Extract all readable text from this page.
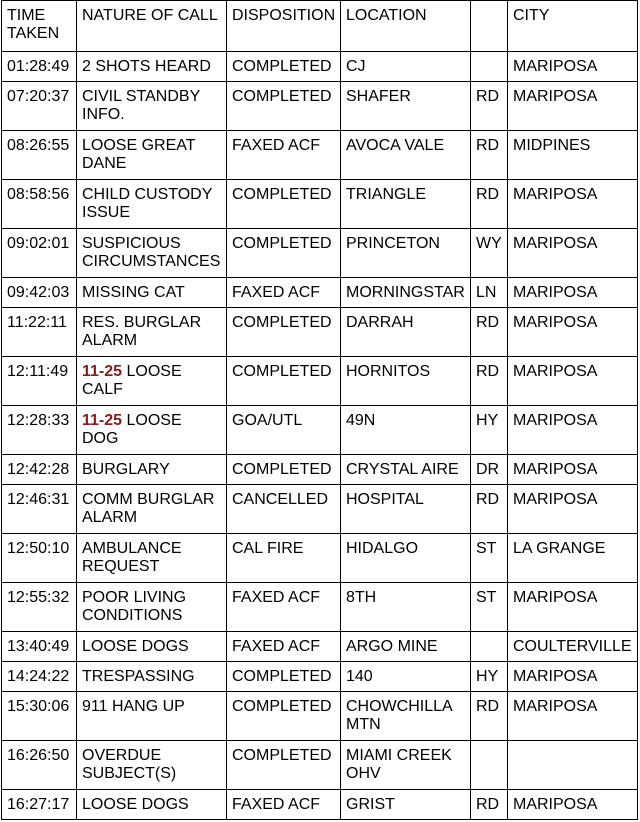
TIME TAKEN	NATURE OF CALL	DISPOSITION	LOCATION		CITY
01:28:49	2 SHOTS HEARD	COMPLETED	CJ		MARIPOSA
07:20:37	CIVIL STANDBY INFO.	COMPLETED	SHAFER	RD	MARIPOSA
08:26:55	LOOSE GREAT DANE	FAXED ACF	AVOCA VALE	RD	MIDPINES
08:58:56	CHILD CUSTODY ISSUE	COMPLETED	TRIANGLE	RD	MARIPOSA
09:02:01	SUSPICIOUS CIRCUMSTANCES	COMPLETED	PRINCETON	WY	MARIPOSA
09:42:03	MISSING CAT	FAXED ACF	MORNINGSTAR	LN	MARIPOSA
11:22:11	RES. BURGLAR ALARM	COMPLETED	DARRAH	RD	MARIPOSA
12:11:49	11-25 LOOSE CALF	COMPLETED	HORNITOS	RD	MARIPOSA
12:28:33	11-25 LOOSE DOG	GOA/UTL	49N	HY	MARIPOSA
12:42:28	BURGLARY	COMPLETED	CRYSTAL AIRE	DR	MARIPOSA
12:46:31	COMM BURGLAR ALARM	CANCELLED	HOSPITAL	RD	MARIPOSA
12:50:10	AMBULANCE REQUEST	CAL FIRE	HIDALGO	ST	LA GRANGE
12:55:32	POOR LIVING CONDITIONS	FAXED ACF	8TH	ST	MARIPOSA
13:40:49	LOOSE DOGS	FAXED ACF	ARGO MINE		COULTERVILLE
14:24:22	TRESPASSING	COMPLETED	140	HY	MARIPOSA
15:30:06	911 HANG UP	COMPLETED	CHOWCHILLA MTN	RD	MARIPOSA
16:26:50	OVERDUE SUBJECT(S)	COMPLETED	MIAMI CREEK OHV		
16:27:17	LOOSE DOGS	FAXED ACF	GRIST	RD	MARIPOSA
